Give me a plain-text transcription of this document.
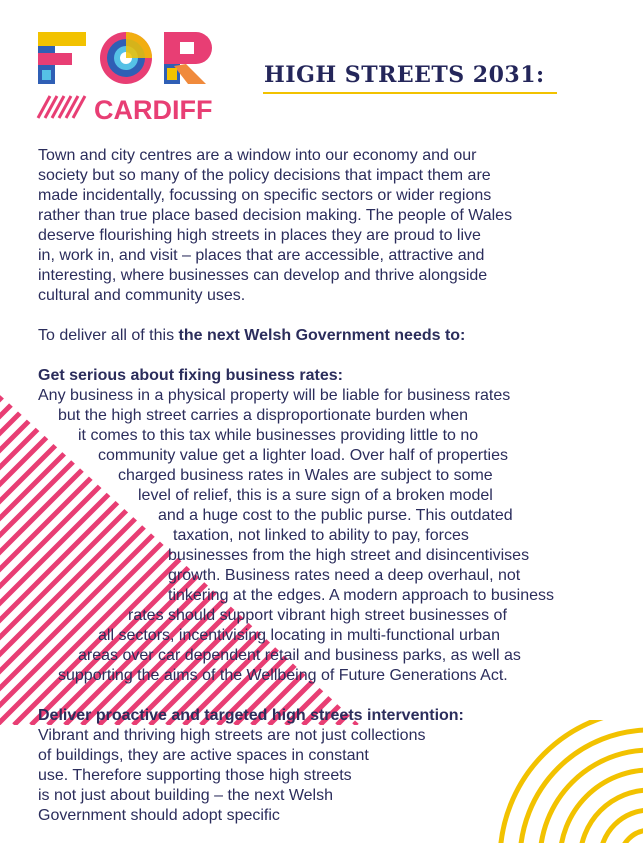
CARDIFF
HIGH STREETS 2031:

Town and city centres are a window into our economy and our
society but so many of the policy decisions that impact them are
made incidentally, focussing on specific sectors or wider regions
rather than true place based decision making. The people of Wales
deserve flourishing high streets in places they are proud to live
in, work in, and visit – places that are accessible, attractive and
interesting, where businesses can develop and thrive alongside
cultural and community uses.

To deliver all of this the next Welsh Government needs to:

Get serious about fixing business rates:

Any business in a physical property will be liable for business rates
but the high street carries a disproportionate burden when
it comes to this tax while businesses providing little to no
community value get a lighter load. Over half of properties
charged business rates in Wales are subject to some
level of relief, this is a sure sign of a broken model
and a huge cost to the public purse. This outdated
taxation, not linked to ability to pay, forces
businesses from the high street and disincentivises
growth. Business rates need a deep overhaul, not
tinkering at the edges. A modern approach to business
rates should support vibrant high street businesses of
all sectors, incentivising locating in multi-functional urban
areas over car dependent retail and business parks, as well as
supporting the aims of the Wellbeing of Future Generations Act.

Deliver proactive and targeted high streets intervention:

Vibrant and thriving high streets are not just collections
of buildings, they are active spaces in constant
use. Therefore supporting those high streets
is not just about building – the next Welsh
Government should adopt specific
